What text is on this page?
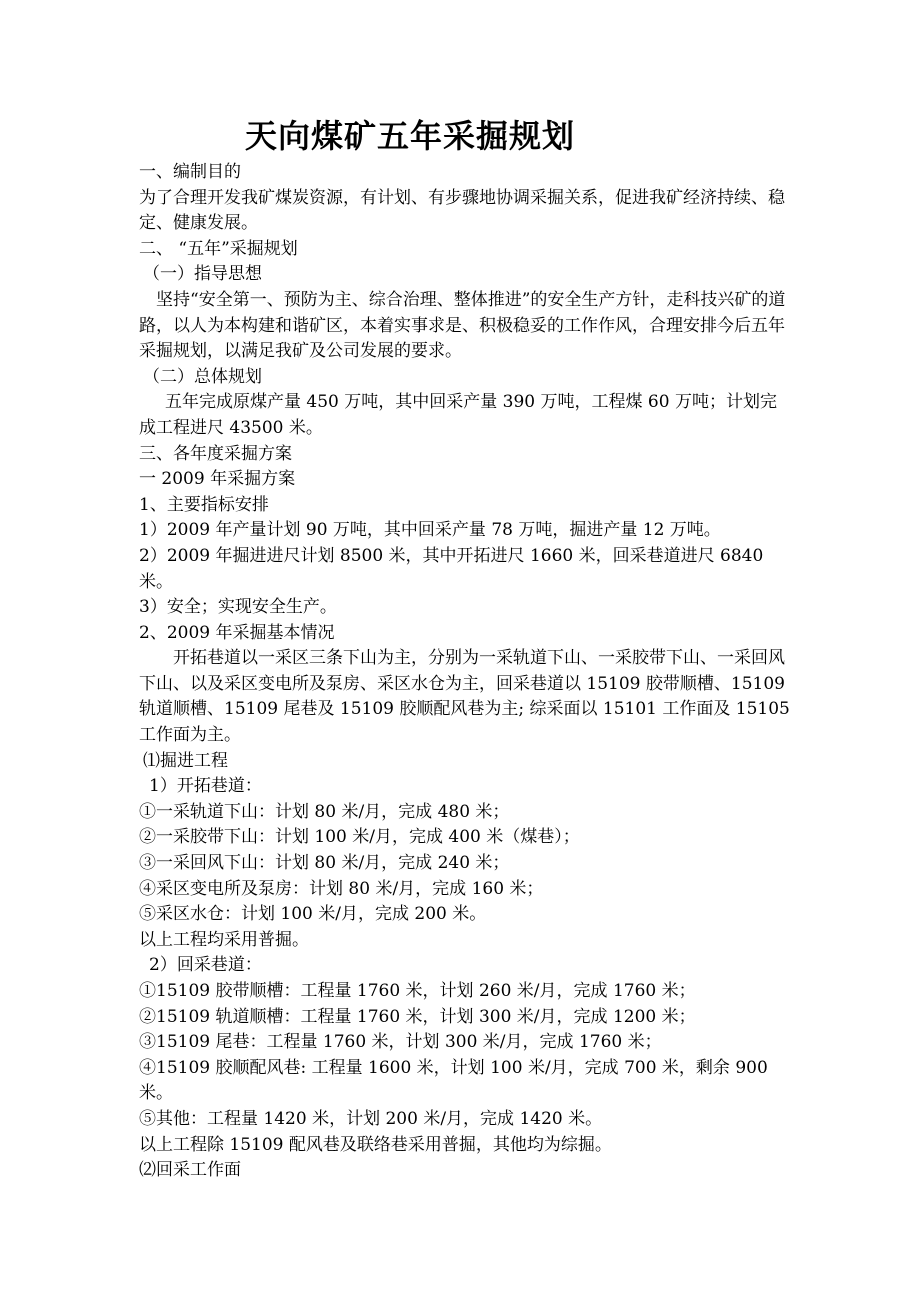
天向煤矿五年采掘规划

一、编制目的

为了合理开发我矿煤炭资源，有计划、有步骤地协调采掘关系，促进我矿经济持续、稳定、健康发展。

二、 “五年”采掘规划

（一）指导思想

坚持“安全第一、预防为主、综合治理、整体推进”的安全生产方针，走科技兴矿的道路，以人为本构建和谐矿区，本着实事求是、积极稳妥的工作作风，合理安排今后五年采掘规划，以满足我矿及公司发展的要求。

（二）总体规划

五年完成原煤产量 450 万吨，其中回采产量 390 万吨，工程煤 60 万吨；计划完成工程进尺 43500 米。

三、各年度采掘方案

一 2009 年采掘方案

1、主要指标安排

1）2009 年产量计划 90 万吨，其中回采产量 78 万吨，掘进产量 12 万吨。

2）2009 年掘进进尺计划 8500 米，其中开拓进尺 1660 米，回采巷道进尺 6840 米。

3）安全；实现安全生产。

2、2009 年采掘基本情况

开拓巷道以一采区三条下山为主，分别为一采轨道下山、一采胶带下山、一采回风下山、以及采区变电所及泵房、采区水仓为主，回采巷道以 15109 胶带顺槽、15109 轨道顺槽、15109 尾巷及 15109 胶顺配风巷为主; 综采面以 15101 工作面及 15105 工作面为主。

⑴掘进工程

1）开拓巷道：

①一采轨道下山：计划 80 米/月，完成 480 米；

②一采胶带下山：计划 100 米/月，完成 400 米（煤巷）；

③一采回风下山：计划 80 米/月，完成 240 米；

④采区变电所及泵房：计划 80 米/月，完成 160 米；

⑤采区水仓：计划 100 米/月，完成 200 米。

以上工程均采用普掘。

2）回采巷道：

①15109 胶带顺槽：工程量 1760 米，计划 260 米/月，完成 1760 米；

②15109 轨道顺槽：工程量 1760 米，计划 300 米/月，完成 1200 米；

③15109 尾巷：工程量 1760 米，计划 300 米/月，完成 1760 米；

④15109 胶顺配风巷: 工程量 1600 米，计划 100 米/月，完成 700 米，剩余 900 米。

⑤其他：工程量 1420 米，计划 200 米/月，完成 1420 米。

以上工程除 15109 配风巷及联络巷采用普掘，其他均为综掘。

⑵回采工作面
